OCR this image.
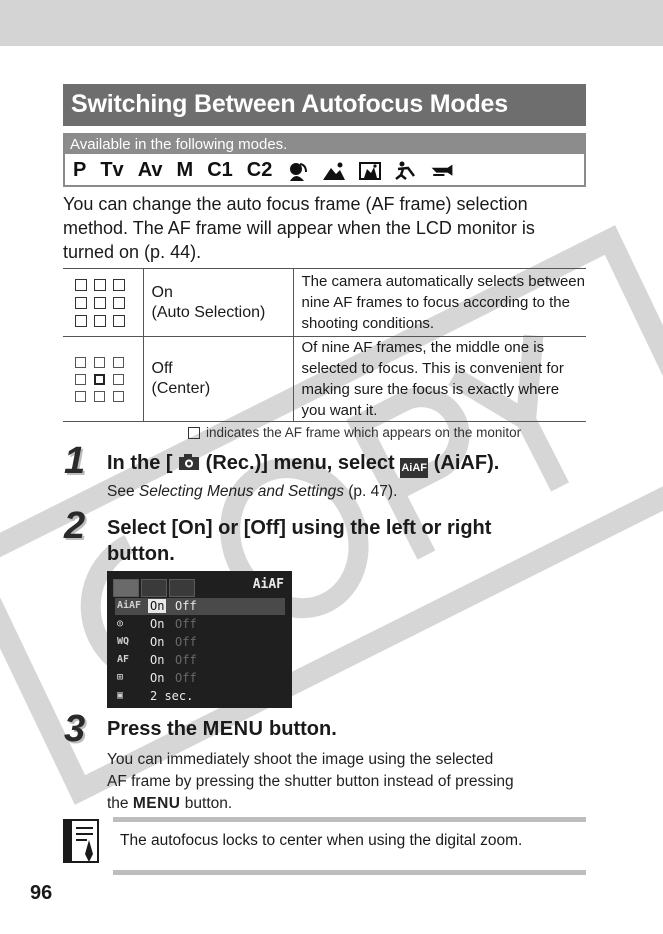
Switching Between Autofocus Modes
Available in the following modes.
P Tv Av M C1 C2

You can change the auto focus frame (AF frame) selection method. The AF frame will appear when the LCD monitor is turned on (p. 44).

	On
(Auto Selection)	The camera automatically selects between nine AF frames to focus according to the shooting conditions.

	Off
(Center)	Of nine AF frames, the middle one is selected to focus. This is convenient for making sure the focus is exactly where you want it.
indicates the AF frame which appears on the monitor
1 In the [ (Rec.)] menu, select AiAF (AiAF).
See Selecting Menus and Settings (p. 47).
2 Select [On] or [Off] using the left or right
button.
AiAF
AiAF On Off
◎	On Off
WQ	On Off
AF	On Off
⊞	On Off
▣	2 sec.
3 Press the MENU button.
You can immediately shoot the image using the selected
AF frame by pressing the shutter button instead of pressing
the MENU button.
The autofocus locks to center when using the digital zoom.
96
